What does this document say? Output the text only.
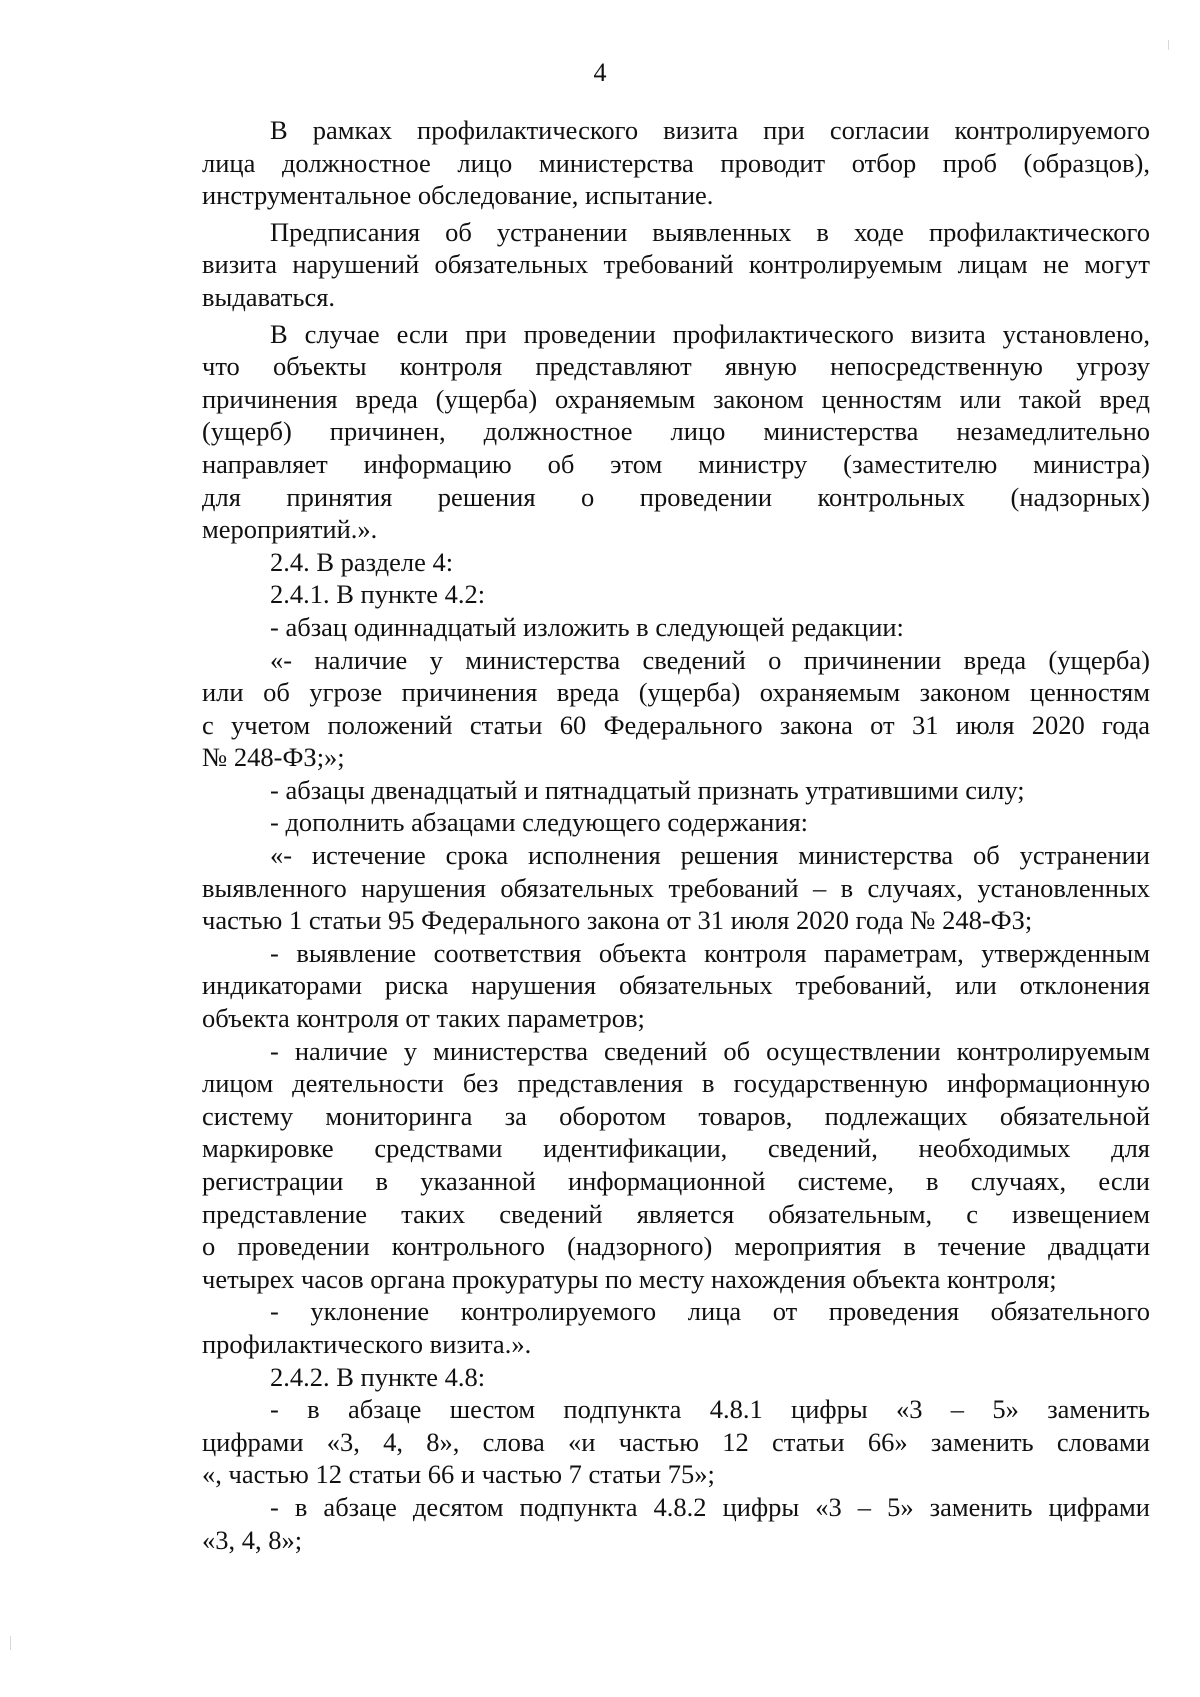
4
В рамках профилактического визита при согласии контролируемого
лица должностное лицо министерства проводит отбор проб (образцов),
инструментальное обследование, испытание.
Предписания об устранении выявленных в ходе профилактического
визита нарушений обязательных требований контролируемым лицам не могут
выдаваться.
В случае если при проведении профилактического визита установлено,
что объекты контроля представляют явную непосредственную угрозу
причинения вреда (ущерба) охраняемым законом ценностям или такой вред
(ущерб) причинен, должностное лицо министерства незамедлительно
направляет информацию об этом министру (заместителю министра)
для принятия решения о проведении контрольных (надзорных)
мероприятий.».
2.4. В разделе 4:
2.4.1. В пункте 4.2:
- абзац одиннадцатый изложить в следующей редакции:
«- наличие у министерства сведений о причинении вреда (ущерба)
или об угрозе причинения вреда (ущерба) охраняемым законом ценностям
с учетом положений статьи 60 Федерального закона от 31 июля 2020 года
№ 248-ФЗ;»;
- абзацы двенадцатый и пятнадцатый признать утратившими силу;
- дополнить абзацами следующего содержания:
«- истечение срока исполнения решения министерства об устранении
выявленного нарушения обязательных требований – в случаях, установленных
частью 1 статьи 95 Федерального закона от 31 июля 2020 года № 248-ФЗ;
- выявление соответствия объекта контроля параметрам, утвержденным
индикаторами риска нарушения обязательных требований, или отклонения
объекта контроля от таких параметров;
- наличие у министерства сведений об осуществлении контролируемым
лицом деятельности без представления в государственную информационную
систему мониторинга за оборотом товаров, подлежащих обязательной
маркировке средствами идентификации, сведений, необходимых для
регистрации в указанной информационной системе, в случаях, если
представление таких сведений является обязательным, с извещением
о проведении контрольного (надзорного) мероприятия в течение двадцати
четырех часов органа прокуратуры по месту нахождения объекта контроля;
- уклонение контролируемого лица от проведения обязательного
профилактического визита.».
2.4.2. В пункте 4.8:
- в абзаце шестом подпункта 4.8.1 цифры «3 – 5» заменить
цифрами «3, 4, 8», слова «и частью 12 статьи 66» заменить словами
«, частью 12 статьи 66 и частью 7 статьи 75»;
- в абзаце десятом подпункта 4.8.2 цифры «3 – 5» заменить цифрами
«3, 4, 8»;
